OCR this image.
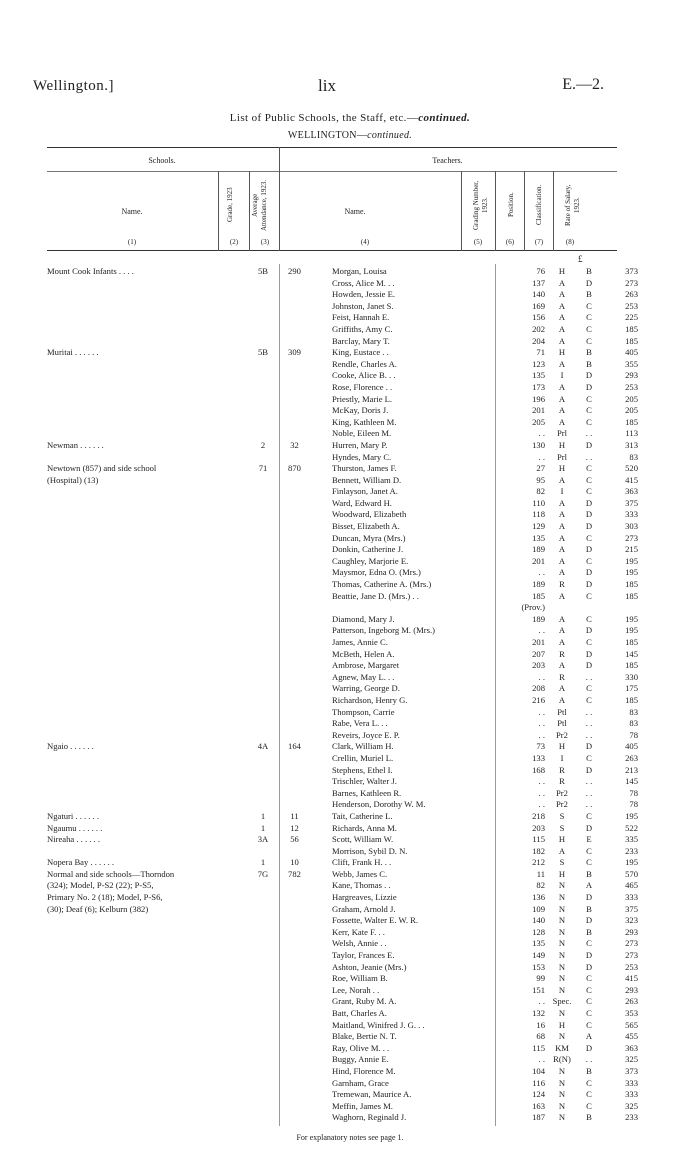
Wellington.]	lix	E.—2.
List of Public Schools, the Staff, etc.—continued.
WELLINGTON—continued.
Schools.	Teachers.
Name.	Grade, 1923 Average Attendance, 1923.	Name.	Grading Number, 1923.	Position.	Classification.	Rate of Salary, 1923.
(1)	(2)	(3)	(4)	(5)	(6)	(7)	(8)
£
Mount Cook Infants . . . .	5B	290	Morgan, Louisa	76	H	B	373
			Cross, Alice M. . .	137	A	D	273
			Howden, Jessie E.	140	A	B	263
			Johnston, Janet S.	169	A	C	253
			Feist, Hannah E.	156	A	C	225
			Griffiths, Amy C.	202	A	C	185
			Barclay, Mary T.	204	A	C	185
Muritai . . . . . .	5B	309	King, Eustace . .	71	H	B	405
			Rendle, Charles A.	123	A	B	355
			Cooke, Alice B. . .	135	I	D	293
			Rose, Florence . .	173	A	D	253
			Priestly, Marie L.	196	A	C	205
			McKay, Doris J.	201	A	C	205
			King, Kathleen M.	205	A	C	185
			Noble, Eileen M.	. .	Prl	. .	113
Newman . . . . . .	2	32	Hurren, Mary P.	130	H	D	313
			Hyndes, Mary C.	. .	Prl	. .	83
Newtown (857) and side school	71	870	Thurston, James F.	27	H	C	520
(Hospital) (13)			Bennett, William D.	95	A	C	415
			Finlayson, Janet A.	82	I	C	363
			Ward, Edward H.	110	A	D	375
			Woodward, Elizabeth	118	A	D	333
			Bisset, Elizabeth A.	129	A	D	303
			Duncan, Myra (Mrs.)	135	A	C	273
			Donkin, Catherine J.	189	A	D	215
			Caughley, Marjorie E.	201	A	C	195
			Maysmor, Edna O. (Mrs.)	. .	A	D	195
			Thomas, Catherine A. (Mrs.)	189	R	D	185
			Beattie, Jane D. (Mrs.) . .	185	A	C	185
				(Prov.)			
			Diamond, Mary J.	189	A	C	195
			Patterson, Ingeborg M. (Mrs.)	. .	A	D	195
			James, Annie C.	201	A	C	185
			McBeth, Helen A.	207	R	D	145
			Ambrose, Margaret	203	A	D	185
			Agnew, May L. . .	. .	R	. .	330
			Warring, George D.	208	A	C	175
			Richardson, Henry G.	216	A	C	185
			Thompson, Carrie	. .	Ptl	. .	83
			Rabe, Vera L. . .	. .	Ptl	. .	83
			Reveirs, Joyce E. P.	. .	Pr2	. .	78
Ngaio . . . . . .	4A	164	Clark, William H.	73	H	D	405
			Crellin, Muriel L.	133	I	C	263
			Stephens, Ethel I.	168	R	D	213
			Trischler, Walter J.	. .	R	. .	145
			Barnes, Kathleen R.	. .	Pr2	. .	78
			Henderson, Dorothy W. M.	. .	Pr2	. .	78
Ngaturi . . . . . .	1	11	Tait, Catherine L.	218	S	C	195
Ngaumu . . . . . .	1	12	Richards, Anna M.	203	S	D	522
Nireaha . . . . . .	3A	56	Scott, William W.	115	H	E	335
			Morrison, Sybil D. N.	182	A	C	233
Nopera Bay . . . . . .	1	10	Clift, Frank H. . .	212	S	C	195
Normal and side schools—Thorndon	7G	782	Webb, James C.	11	H	B	570
(324); Model, P-S2 (22); P-S5,			Kane, Thomas . .	82	N	A	465
Primary No. 2 (18); Model, P-S6,			Hargreaves, Lizzie	136	N	D	333
(30); Deaf (6); Kelburn (382)			Graham, Arnold J.	109	N	B	375
			Fossette, Walter E. W. R.	140	N	D	323
			Kerr, Kate F. . .	128	N	B	293
			Welsh, Annie . .	135	N	C	273
			Taylor, Frances E.	149	N	D	273
			Ashton, Jeanie (Mrs.)	153	N	D	253
			Roe, William B.	99	N	C	415
			Lee, Norah . .	151	N	C	293
			Grant, Ruby M. A.	. .	Spec.	C	263
			Batt, Charles A.	132	N	C	353
			Maitland, Winifred J. G. . .	16	H	C	565
			Blake, Bertie N. T.	68	N	A	455
			Ray, Olive M. . .	115	KM	D	363
			Buggy, Annie E.	. .	R(N)	. .	325
			Hind, Florence M.	104	N	B	373
			Garnham, Grace	116	N	C	333
			Tremewan, Maurice A.	124	N	C	333
			Meffin, James M.	163	N	C	325
			Waghorn, Reginald J.	187	N	B	233
For explanatory notes see page 1.
